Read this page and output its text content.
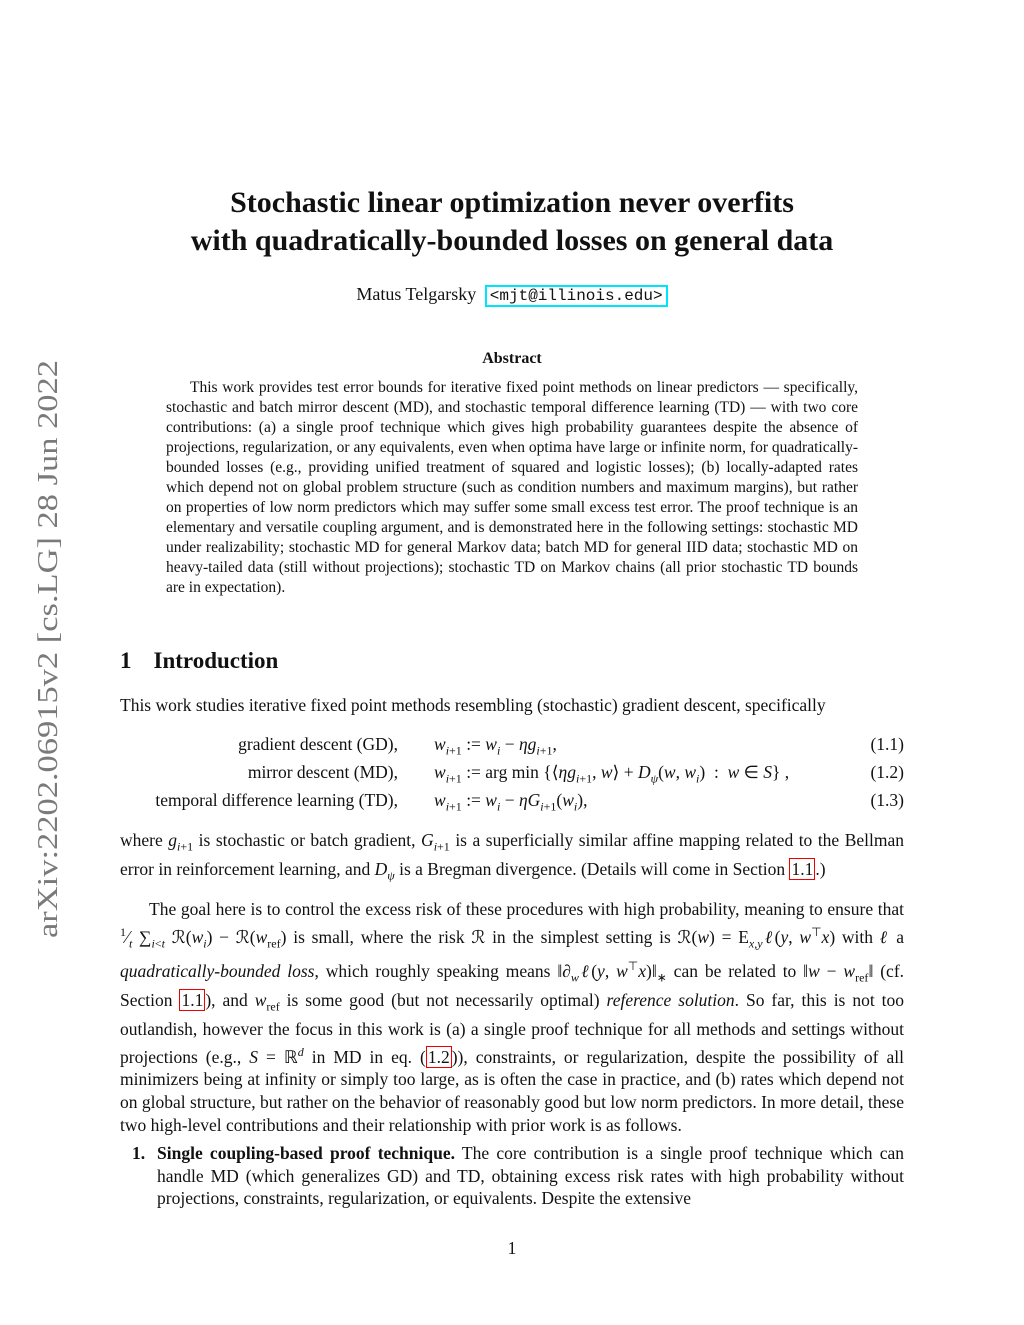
arXiv:2202.06915v2 [cs.LG] 28 Jun 2022
Stochastic linear optimization never overfits
with quadratically-bounded losses on general data
Matus Telgarsky <mjt@illinois.edu>
Abstract
This work provides test error bounds for iterative fixed point methods on linear predictors — specifically, stochastic and batch mirror descent (MD), and stochastic temporal difference learning (TD) — with two core contributions: (a) a single proof technique which gives high probability guarantees despite the absence of projections, regularization, or any equivalents, even when optima have large or infinite norm, for quadratically-bounded losses (e.g., providing unified treatment of squared and logistic losses); (b) locally-adapted rates which depend not on global problem structure (such as condition numbers and maximum margins), but rather on properties of low norm predictors which may suffer some small excess test error. The proof technique is an elementary and versatile coupling argument, and is demonstrated here in the following settings: stochastic MD under realizability; stochastic MD for general Markov data; batch MD for general IID data; stochastic MD on heavy-tailed data (still without projections); stochastic TD on Markov chains (all prior stochastic TD bounds are in expectation).
1 Introduction
This work studies iterative fixed point methods resembling (stochastic) gradient descent, specifically
gradient descent (GD), $w_{i+1}$ := $w_i - \eta g_{i+1}$,	(1.1)
mirror descent (MD), $w_{i+1}$ := arg $\min \{⟨\eta g_{i+1}$, w⟩ + $D_\psi(w$, $w_i$)  :  w ∈ S} ,	(1.2)
temporal difference learning (TD), $w_{i+1}$ := $w_i - \eta G_{i+1}(w_i)$,	(1.3)
where $g_{i+1}$ is stochastic or batch gradient, $G_{i+1}$ is a superficially similar affine mapping related to the Bellman error in reinforcement learning, and $D_\psi$ is a Bregman divergence. (Details will come in Section 1.1 .)
The goal here is to control the excess risk of these procedures with high probability, meaning to ensure that $^1⁄_t$ $\sum_{i<t}$ $ℛ(w_i)$ − $ℛ(w_{ref})$ is small, where the risk ℛ in the simplest setting is ℛ(w) = $E_{x,y}\ell(y$, w⊤x) with ℓ a quadratically-bounded loss, which roughly speaking means $‖\partial_w\ell(y$, $w^⊤x)‖_∗$ can be related to ‖w − $w_{ref}‖$ (cf. Section 1.1 ), and $w_{ref}$ is some good (but not necessarily optimal) reference solution. So far, this is not too outlandish, however the focus in this work is (a) a single proof technique for all methods and settings without projections (e.g., S = ℝ$^d$ in MD in eq. ( 1.2 )), constraints, or regularization, despite the possibility of all minimizers being at infinity or simply too large, as is often the case in practice, and (b) rates which depend not on global structure, but rather on the behavior of reasonably good but low norm predictors. In more detail, these two high-level contributions and their relationship with prior work is as follows.
1. Single coupling-based proof technique. The core contribution is a single proof technique which can handle MD (which generalizes GD) and TD, obtaining excess risk rates with high probability without projections, constraints, regularization, or equivalents. Despite the extensive
1
